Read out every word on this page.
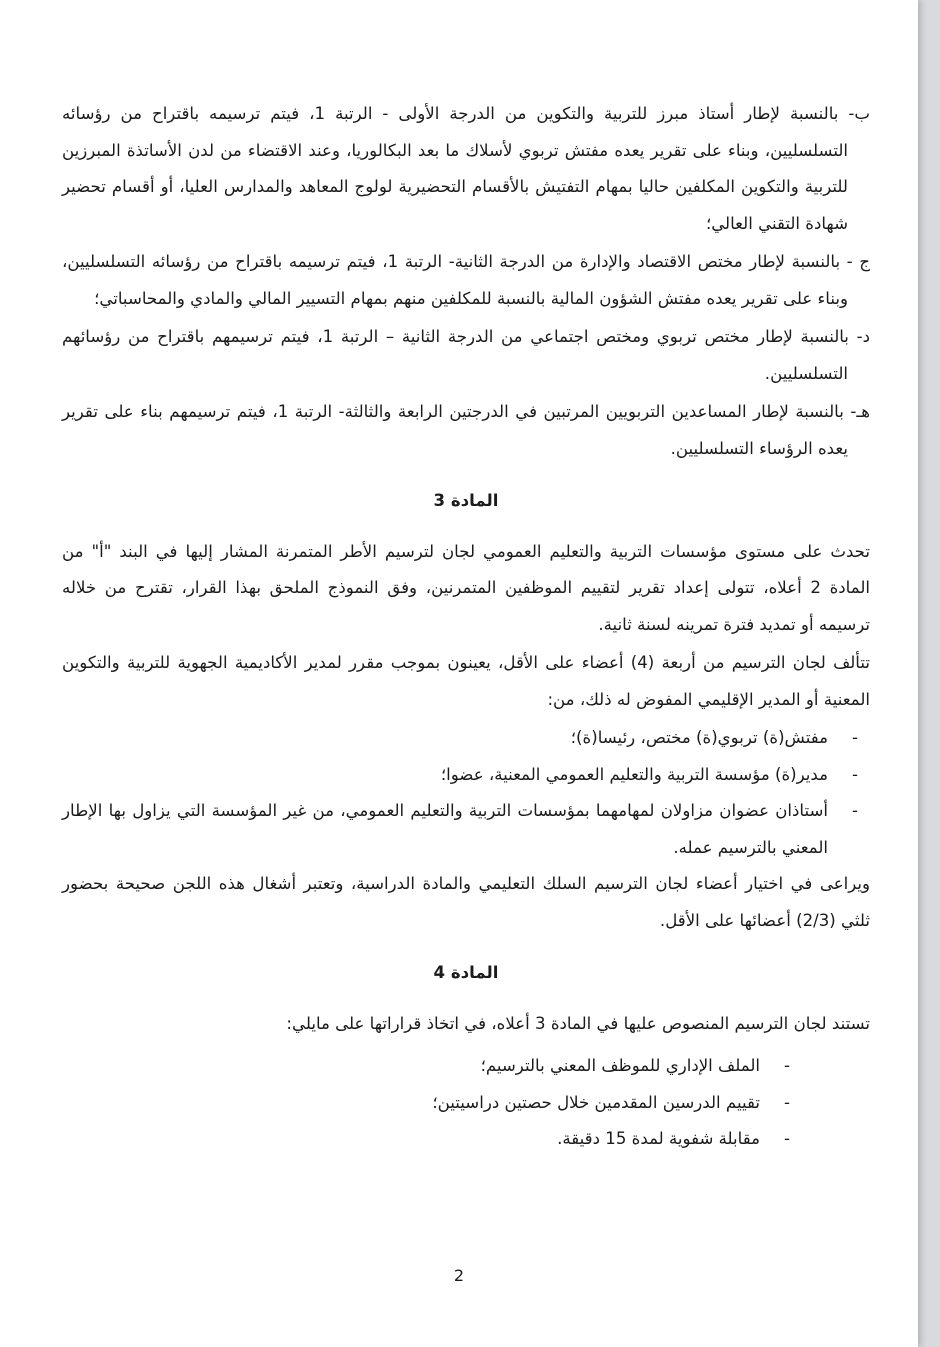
ب- بالنسبة لإطار أستاذ مبرز للتربية والتكوين من الدرجة الأولى - الرتبة 1، فيتم ترسيمه باقتراح من رؤسائه التسلسليين، وبناء على تقرير يعده مفتش تربوي لأسلاك ما بعد البكالوريا، وعند الاقتضاء من لدن الأساتذة المبرزين للتربية والتكوين المكلفين حاليا بمهام التفتيش بالأقسام التحضيرية لولوج المعاهد والمدارس العليا، أو أقسام تحضير شهادة التقني العالي؛

ج - بالنسبة لإطار مختص الاقتصاد والإدارة من الدرجة الثانية- الرتبة 1، فيتم ترسيمه باقتراح من رؤسائه التسلسليين، وبناء على تقرير يعده مفتش الشؤون المالية بالنسبة للمكلفين منهم بمهام التسيير المالي والمادي والمحاسباتي؛

د- بالنسبة لإطار مختص تربوي ومختص اجتماعي من الدرجة الثانية – الرتبة 1، فيتم ترسيمهم باقتراح من رؤسائهم التسلسليين.

هـ- بالنسبة لإطار المساعدين التربويين المرتبين في الدرجتين الرابعة والثالثة- الرتبة 1، فيتم ترسيمهم بناء على تقرير يعده الرؤساء التسلسليين.

المادة 3

تحدث على مستوى مؤسسات التربية والتعليم العمومي لجان لترسيم الأطر المتمرنة المشار إليها في البند "أ" من المادة 2 أعلاه، تتولى إعداد تقرير لتقييم الموظفين المتمرنين، وفق النموذج الملحق بهذا القرار، تقترح من خلاله ترسيمه أو تمديد فترة تمرينه لسنة ثانية.

تتألف لجان الترسيم من أربعة (4) أعضاء على الأقل، يعينون بموجب مقرر لمدير الأكاديمية الجهوية للتربية والتكوين المعنية أو المدير الإقليمي المفوض له ذلك، من:

-
مفتش(ة) تربوي(ة) مختص، رئيسا(ة)؛

-
مدير(ة) مؤسسة التربية والتعليم العمومي المعنية، عضوا؛

-
أستاذان عضوان مزاولان لمهامهما بمؤسسات التربية والتعليم العمومي، من غير المؤسسة التي يزاول بها الإطار المعني بالترسيم عمله.

ويراعى في اختيار أعضاء لجان الترسيم السلك التعليمي والمادة الدراسية، وتعتبر أشغال هذه اللجن صحيحة بحضور ثلثي (2/3) أعضائها على الأقل.

المادة 4

تستند لجان الترسيم المنصوص عليها في المادة 3 أعلاه، في اتخاذ قراراتها على مايلي:

-
الملف الإداري للموظف المعني بالترسيم؛

-
تقييم الدرسين المقدمين خلال حصتين دراسيتين؛

-
مقابلة شفوية لمدة 15 دقيقة.

2
